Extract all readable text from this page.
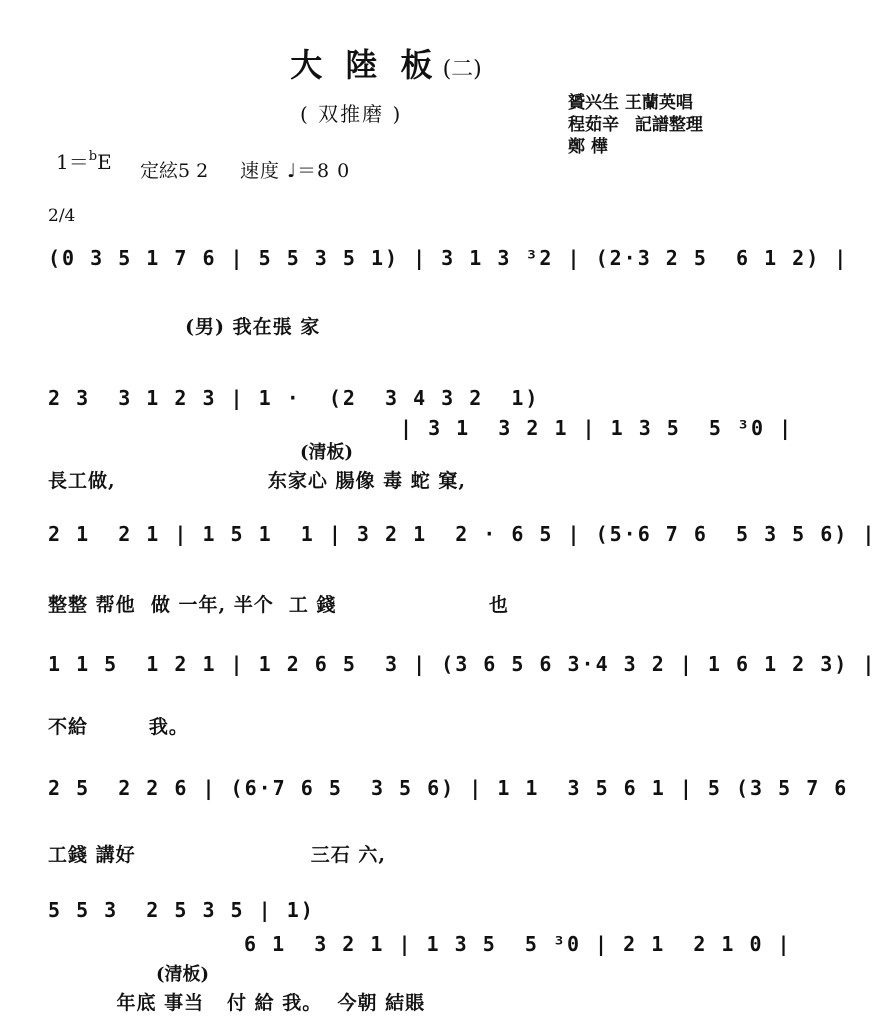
大 陸 板 (二)
( 双推磨 )	贇兴生 王蘭英唱
程茹辛 記譜整理
鄭 樺
1＝$^b$E 定絃5 2 速度 ♩＝8 0
2/4
(0 3 5 1 7 6 | 5 5 3 5 1) | 3 1 3 ³2 | (2·3 2 5  6 1 2) |
(男) 我在張 家
2 3  3 1 2 3 | 1 ·  (2  3 4 3 2  1)
(清板)
| 3 1  3 2 1 | 1 3 5  5 ³0 |
長工做,                    东家心 腸像 毒 蛇 窠,
2 1  2 1 | 1 5 1  1 | 3 2 1  2 · 6 5 | (5·6 7 6  5 3 5 6) |
整整 帮他  做 一年, 半个  工 錢                    也
1 1 5  1 2 1 | 1 2 6 5  3 | (3 6 5 6 3·4 3 2 | 1 6 1 2 3) |
不給        我。
2 5  2 2 6 | (6·7 6 5  3 5 6) | 1 1  3 5 6 1 | 5 (3 5 7 6
工錢 講好                       三石 六,
5 5 3  2 5 3 5 | 1)
(清板)
6 1  3 2 1 | 1 3 5  5 ³0 | 2 1  2 1 0 |
年底 事当   付 給 我。  今朝 結賬
